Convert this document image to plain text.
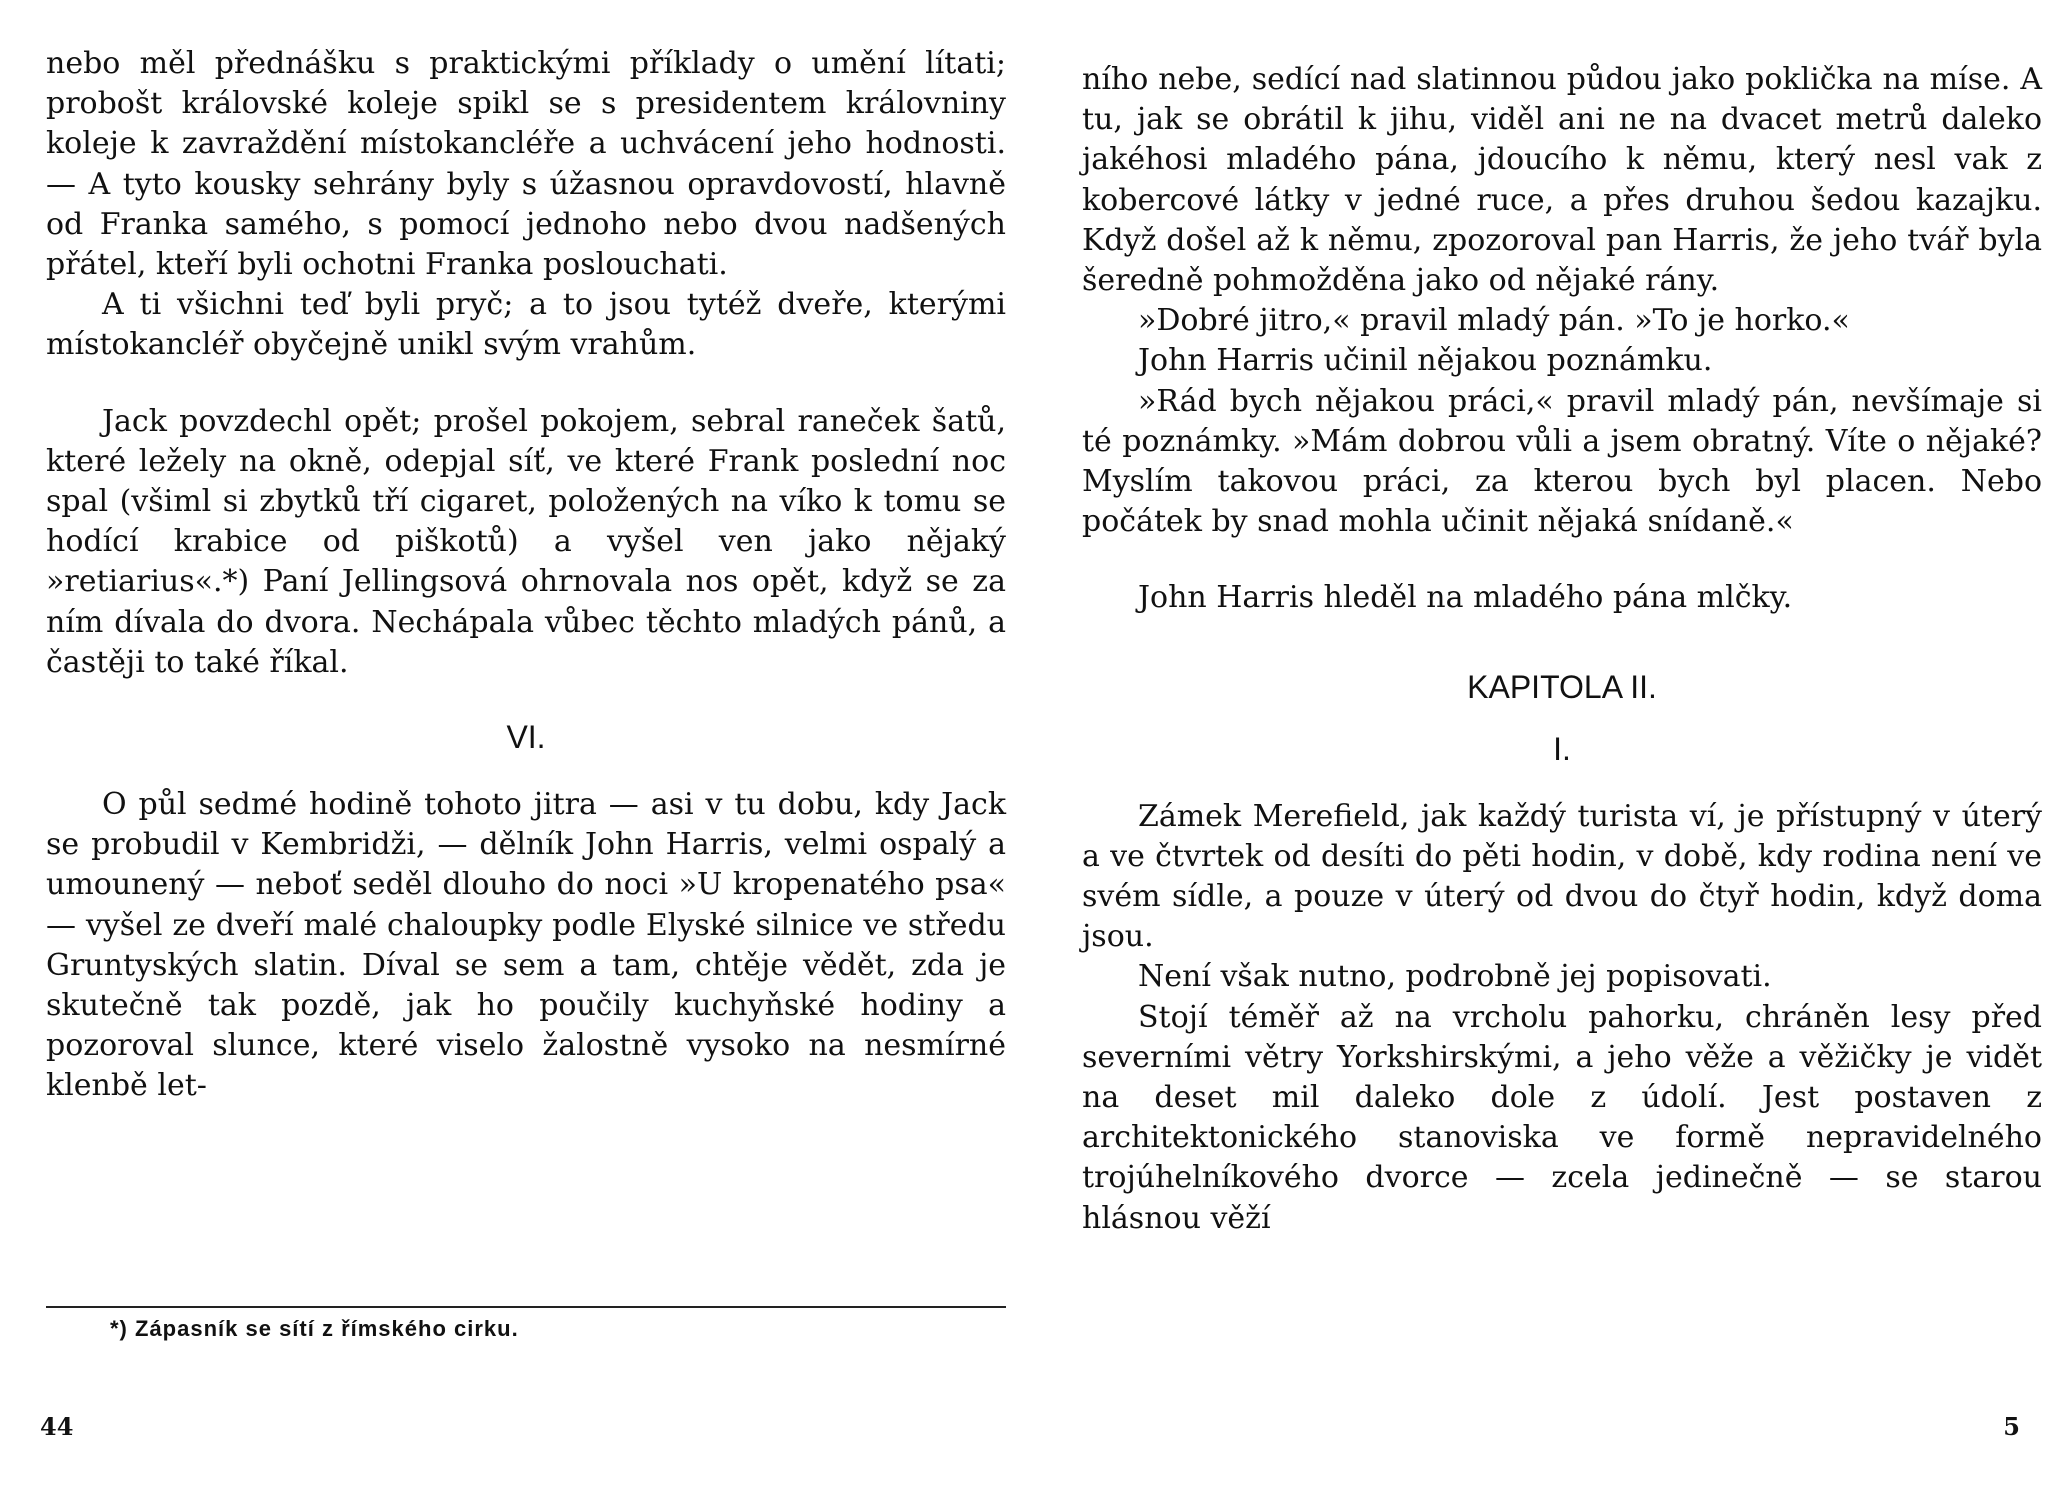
nebo měl přednášku s praktickými příklady o umění lítati; probošt královské koleje spikl se s presidentem královniny koleje k zavraždění místokancléře a uchvácení jeho hodnosti. — A tyto kousky sehrány byly s úžasnou opravdovostí, hlavně od Franka samého, s pomocí jednoho nebo dvou nadšených přátel, kteří byli ochotni Franka poslouchati.

A ti všichni teď byli pryč; a to jsou tytéž dveře, kterými místokancléř obyčejně unikl svým vrahům.

Jack povzdechl opět; prošel pokojem, sebral raneček šatů, které ležely na okně, odepjal síť, ve které Frank poslední noc spal (všiml si zbytků tří cigaret, položených na víko k tomu se hodící krabice od piškotů) a vyšel ven jako nějaký »retiarius«.*) Paní Jellingsová ohrnovala nos opět, když se za ním dívala do dvora. Nechápala vůbec těchto mladých pánů, a častěji to také říkal.

VI.

O půl sedmé hodině tohoto jitra — asi v tu dobu, kdy Jack se probudil v Kembridži, — dělník John Harris, velmi ospalý a umounený — neboť seděl dlouho do noci »U kropenatého psa« — vyšel ze dveří malé chaloupky podle Elyské silnice ve středu Gruntyských slatin. Díval se sem a tam, chtěje vědět, zda je skutečně tak pozdě, jak ho poučily kuchyňské hodiny a pozoroval slunce, které viselo žalostně vysoko na nesmírné klenbě let-

*) Zápasník se sítí z římského cirku.
44

ního nebe, sedící nad slatinnou půdou jako poklička na míse. A tu, jak se obrátil k jihu, viděl ani ne na dvacet metrů daleko jakéhosi mladého pána, jdoucího k němu, který nesl vak z kobercové látky v jedné ruce, a přes druhou šedou kazajku. Když došel až k němu, zpozoroval pan Harris, že jeho tvář byla šeredně pohmožděna jako od nějaké rány.

»Dobré jitro,« pravil mladý pán. »To je horko.«

John Harris učinil nějakou poznámku.

»Rád bych nějakou práci,« pravil mladý pán, nevšímaje si té poznámky. »Mám dobrou vůli a jsem obratný. Víte o nějaké? Myslím takovou práci, za kterou bych byl placen. Nebo počátek by snad mohla učinit nějaká snídaně.«

John Harris hleděl na mladého pána mlčky.

KAPITOLA II.
I.

Zámek Merefield, jak každý turista ví, je přístupný v úterý a ve čtvrtek od desíti do pěti hodin, v době, kdy rodina není ve svém sídle, a pouze v úterý od dvou do čtyř hodin, když doma jsou.

Není však nutno, podrobně jej popisovati.

Stojí téměř až na vrcholu pahorku, chráněn lesy před severními větry Yorkshirskými, a jeho věže a věžičky je vidět na deset mil daleko dole z údolí. Jest postaven z architektonického stanoviska ve formě nepravidelného trojúhelníkového dvorce — zcela jedinečně — se starou hlásnou věží

5
